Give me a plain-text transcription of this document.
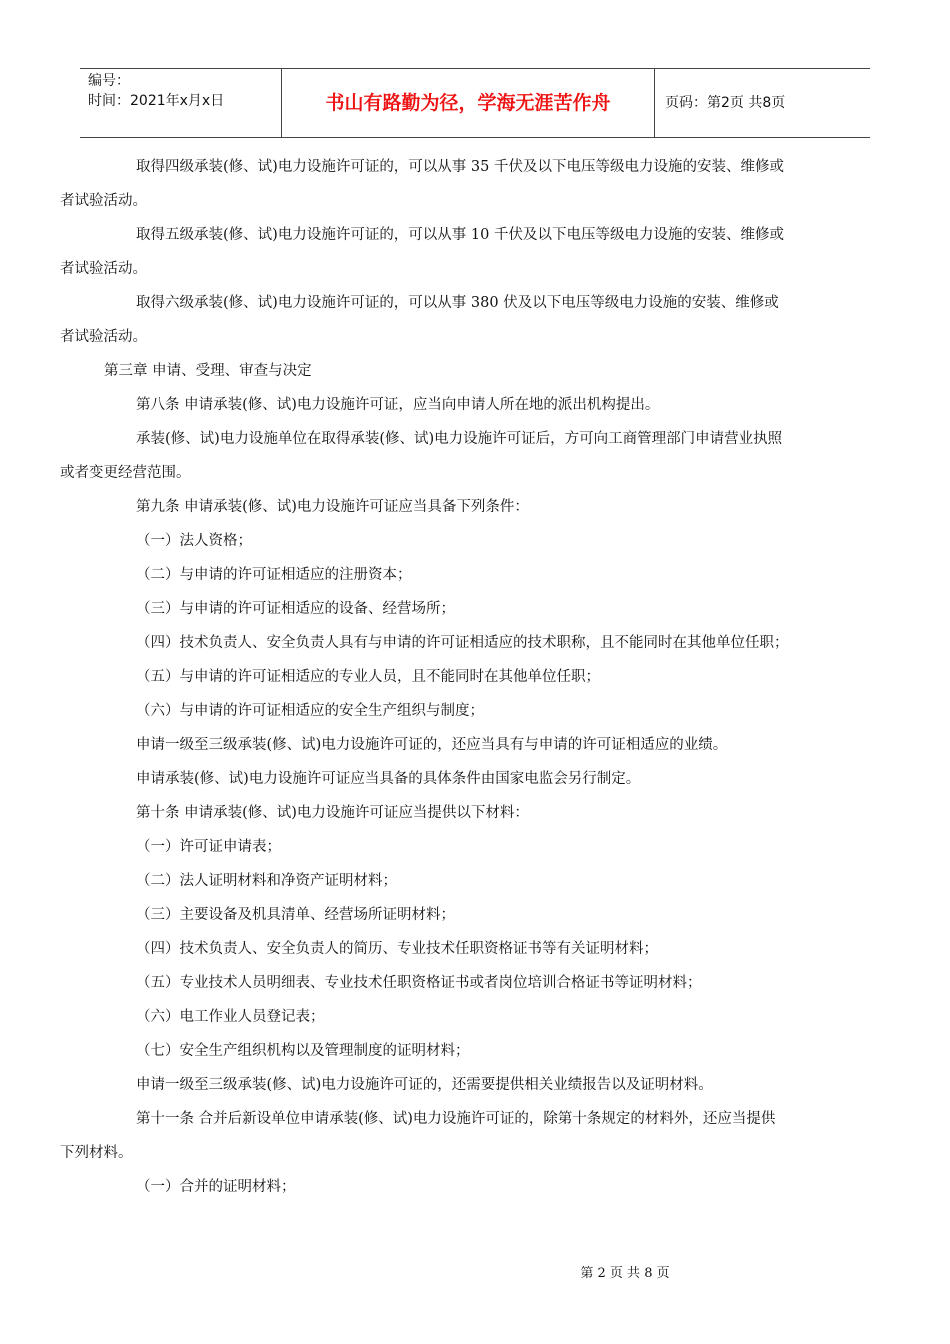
编号：
时间：2021年x月x日	书山有路勤为径，学海无涯苦作舟	页码：第2页 共8页

取得四级承装(修、试)电力设施许可证的，可以从事 35 千伏及以下电压等级电力设施的安装、维修或

者试验活动。

取得五级承装(修、试)电力设施许可证的，可以从事 10 千伏及以下电压等级电力设施的安装、维修或

者试验活动。

取得六级承装(修、试)电力设施许可证的，可以从事 380 伏及以下电压等级电力设施的安装、维修或

者试验活动。

第三章 申请、受理、审查与决定

第八条 申请承装(修、试)电力设施许可证，应当向申请人所在地的派出机构提出。

承装(修、试)电力设施单位在取得承装(修、试)电力设施许可证后，方可向工商管理部门申请营业执照

或者变更经营范围。

第九条 申请承装(修、试)电力设施许可证应当具备下列条件：

（一）法人资格；

（二）与申请的许可证相适应的注册资本；

（三）与申请的许可证相适应的设备、经营场所；

（四）技术负责人、安全负责人具有与申请的许可证相适应的技术职称，且不能同时在其他单位任职；

（五）与申请的许可证相适应的专业人员，且不能同时在其他单位任职；

（六）与申请的许可证相适应的安全生产组织与制度；

申请一级至三级承装(修、试)电力设施许可证的，还应当具有与申请的许可证相适应的业绩。

申请承装(修、试)电力设施许可证应当具备的具体条件由国家电监会另行制定。

第十条 申请承装(修、试)电力设施许可证应当提供以下材料：

（一）许可证申请表；

（二）法人证明材料和净资产证明材料；

（三）主要设备及机具清单、经营场所证明材料；

（四）技术负责人、安全负责人的简历、专业技术任职资格证书等有关证明材料；

（五）专业技术人员明细表、专业技术任职资格证书或者岗位培训合格证书等证明材料；

（六）电工作业人员登记表；

（七）安全生产组织机构以及管理制度的证明材料；

申请一级至三级承装(修、试)电力设施许可证的，还需要提供相关业绩报告以及证明材料。

第十一条 合并后新设单位申请承装(修、试)电力设施许可证的，除第十条规定的材料外，还应当提供

下列材料。

（一）合并的证明材料；

第 2 页 共 8 页
